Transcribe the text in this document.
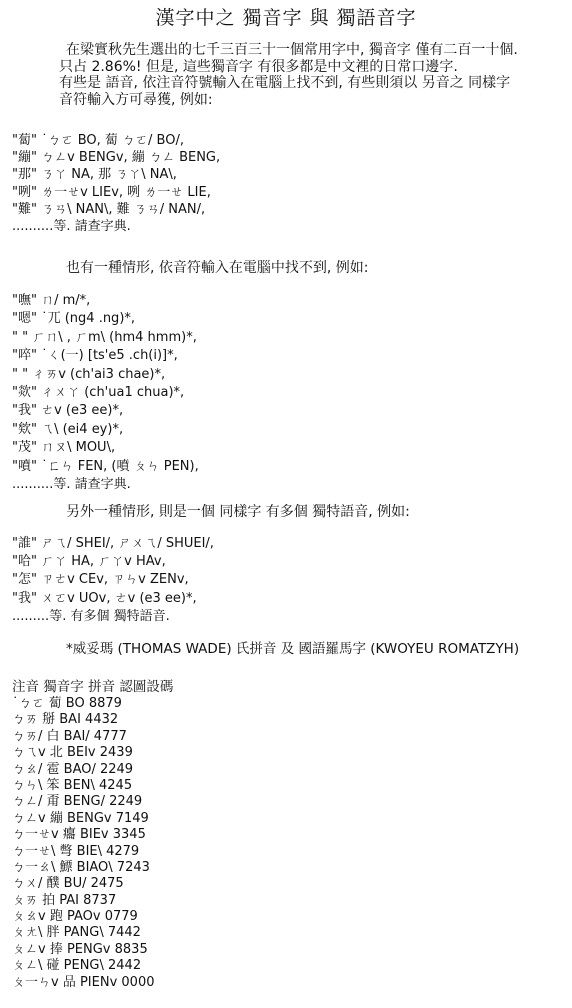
漢字中之 獨音字 與 獨語音字
在梁實秋先生選出的七千三百三十一個常用字中, 獨音字 僅有二百一十個.
只占 2.86%! 但是, 這些獨音字 有很多都是中文裡的日常口邊字.
有些是 語音, 依注音符號輸入在電腦上找不到, 有些則須以 另音之 同樣字
音符輸入方可尋獲, 例如:
"蔔" ˙ㄅㄛ BO, 蔔 ㄅㄛ/ BO/,
"繃" ㄅㄥv BENGv, 繃 ㄅㄥ BENG,
"那" ㄋㄚ NA, 那 ㄋㄚ\ NA\,
"咧" ㄌ一ㄝv LIEv, 咧 ㄌ一ㄝ LIE,
"難" ㄋㄢ\ NAN\, 難 ㄋㄢ/ NAN/,
..........等. 請查字典.
也有一種情形, 依音符輸入在電腦中找不到, 例如:
"嘸" ㄇ/ m/*,
"嗯" ˙ㄫ (ng4 .ng)*,
" " ㄏㄇ\ , ㄏm\ (hm4 hmm)*,
"啐" ˙ㄑ(一) [ts'e5 .ch(i)]*,
" " ㄔㄞv (ch'ai3 chae)*,
"欻" ㄔㄨㄚ (ch'ua1 chua)*,
"我" ㄜv (e3 ee)*,
"欸" ㄟ\ (ei4 ey)*,
"茂" ㄇㄡ\ MOU\,
"噴" ˙ㄈㄣ FEN, (噴 ㄆㄣ PEN),
..........等. 請查字典.
另外一種情形, 則是一個 同樣字 有多個 獨特語音, 例如:
"誰" ㄕㄟ/ SHEI/, ㄕㄨㄟ/ SHUEI/,
"哈" ㄏㄚ HA, ㄏㄚv HAv,
"怎" ㄗㄜv CEv, ㄗㄣv ZENv,
"我" ㄨㄛv UOv, ㄜv (e3 ee)*,
.........等. 有多個 獨特語音.
*威妥瑪 (THOMAS WADE) 氏拼音 及 國語羅馬字 (KWOYEU ROMATZYH)
注音 獨音字 拼音 認圖設碼
˙ㄅㄛ 蔔 BO 8879
ㄅㄞ 掰 BAI 4432
ㄅㄞ/ 白 BAI/ 4777
ㄅㄟv 北 BEIv 2439
ㄅㄠ/ 雹 BAO/ 2249
ㄅㄣ\ 笨 BEN\ 4245
ㄅㄥ/ 甭 BENG/ 2249
ㄅㄥv 繃 BENGv 7149
ㄅ一ㄝv 癟 BIEv 3345
ㄅ一ㄝ\ 彆 BIE\ 4279
ㄅ一ㄠ\ 鰾 BIAO\ 7243
ㄅㄨ/ 醭 BU/ 2475
ㄆㄞ 拍 PAI 8737
ㄆㄠv 跑 PAOv 0779
ㄆㄤ\ 胖 PANG\ 7442
ㄆㄥv 捧 PENGv 8835
ㄆㄥ\ 碰 PENG\ 2442
ㄆ一ㄣv 品 PIENv 0000
